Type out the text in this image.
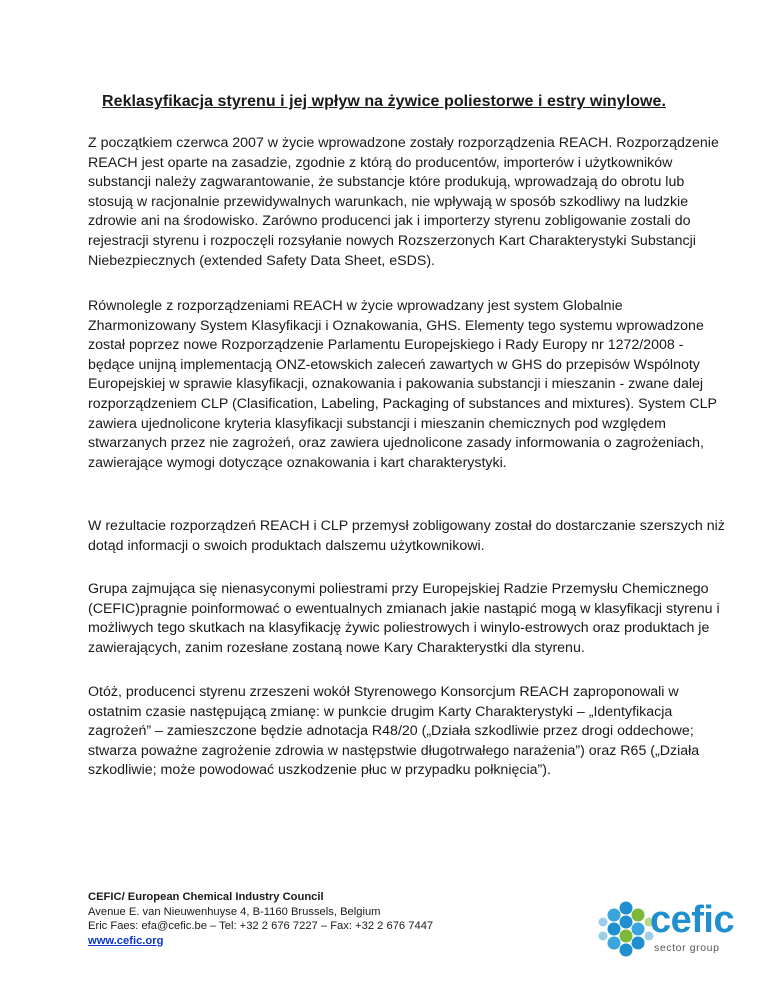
Reklasyfikacja styrenu i jej wpływ na żywice poliestorwe i estry winylowe.

Z początkiem czerwca 2007 w życie wprowadzone zostały rozporządzenia REACH. Rozporządzenie REACH jest oparte na zasadzie, zgodnie z którą do producentów, importerów i użytkowników substancji należy zagwarantowanie, że substancje które produkują, wprowadzają do obrotu lub stosują w racjonalnie przewidywalnych warunkach, nie wpływają w sposób szkodliwy na ludzkie zdrowie ani na środowisko. Zarówno producenci jak i importerzy styrenu zobligowanie zostali do rejestracji styrenu i rozpoczęli rozsyłanie nowych Rozszerzonych Kart Charakterystyki Substancji Niebezpiecznych (extended Safety Data Sheet, eSDS).

Równolegle z rozporządzeniami REACH w życie wprowadzany jest system Globalnie Zharmonizowany System Klasyfikacji i Oznakowania, GHS. Elementy tego systemu wprowadzone został poprzez nowe Rozporządzenie Parlamentu Europejskiego i Rady Europy nr 1272/2008 - będące unijną implementacją ONZ-etowskich zaleceń zawartych w GHS do przepisów Wspólnoty Europejskiej w sprawie klasyfikacji, oznakowania i pakowania substancji i mieszanin - zwane dalej rozporządzeniem CLP (Clasification, Labeling, Packaging of substances and mixtures). System CLP zawiera ujednolicone kryteria klasyfikacji substancji i mieszanin chemicznych pod względem stwarzanych przez nie zagrożeń, oraz zawiera ujednolicone zasady informowania o zagrożeniach, zawierające wymogi dotyczące oznakowania i kart charakterystyki.

W rezultacie rozporządzeń REACH i CLP przemysł zobligowany został do dostarczanie szerszych niż dotąd informacji o swoich produktach dalszemu użytkownikowi.

Grupa zajmująca się nienasyconymi poliestrami przy Europejskiej Radzie Przemysłu Chemicznego (CEFIC)pragnie poinformować o ewentualnych zmianach jakie nastąpić mogą w klasyfikacji styrenu i możliwych tego skutkach na klasyfikację żywic poliestrowych i winylo-estrowych oraz produktach je zawierających, zanim rozesłane zostaną nowe Kary Charakterystki dla styrenu.

Otóż, producenci styrenu zrzeszeni wokół Styrenowego Konsorcjum REACH zaproponowali w ostatnim czasie następującą zmianę: w punkcie drugim Karty Charakterystyki – „Identyfikacja zagrożeń” – zamieszczone będzie adnotacja R48/20 („Działa szkodliwie przez drogi oddechowe; stwarza poważne zagrożenie zdrowia w następstwie długotrwałego narażenia”) oraz R65 („Działa szkodliwie; może powodować uszkodzenie płuc w przypadku połknięcia”).

CEFIC/ European Chemical Industry Council
Avenue E. van Nieuwenhuyse 4, B-1160 Brussels, Belgium
Eric Faes: efa@cefic.be – Tel: +32 2 676 7227 – Fax: +32 2 676 7447
www.cefic.org	cefic
sector group
